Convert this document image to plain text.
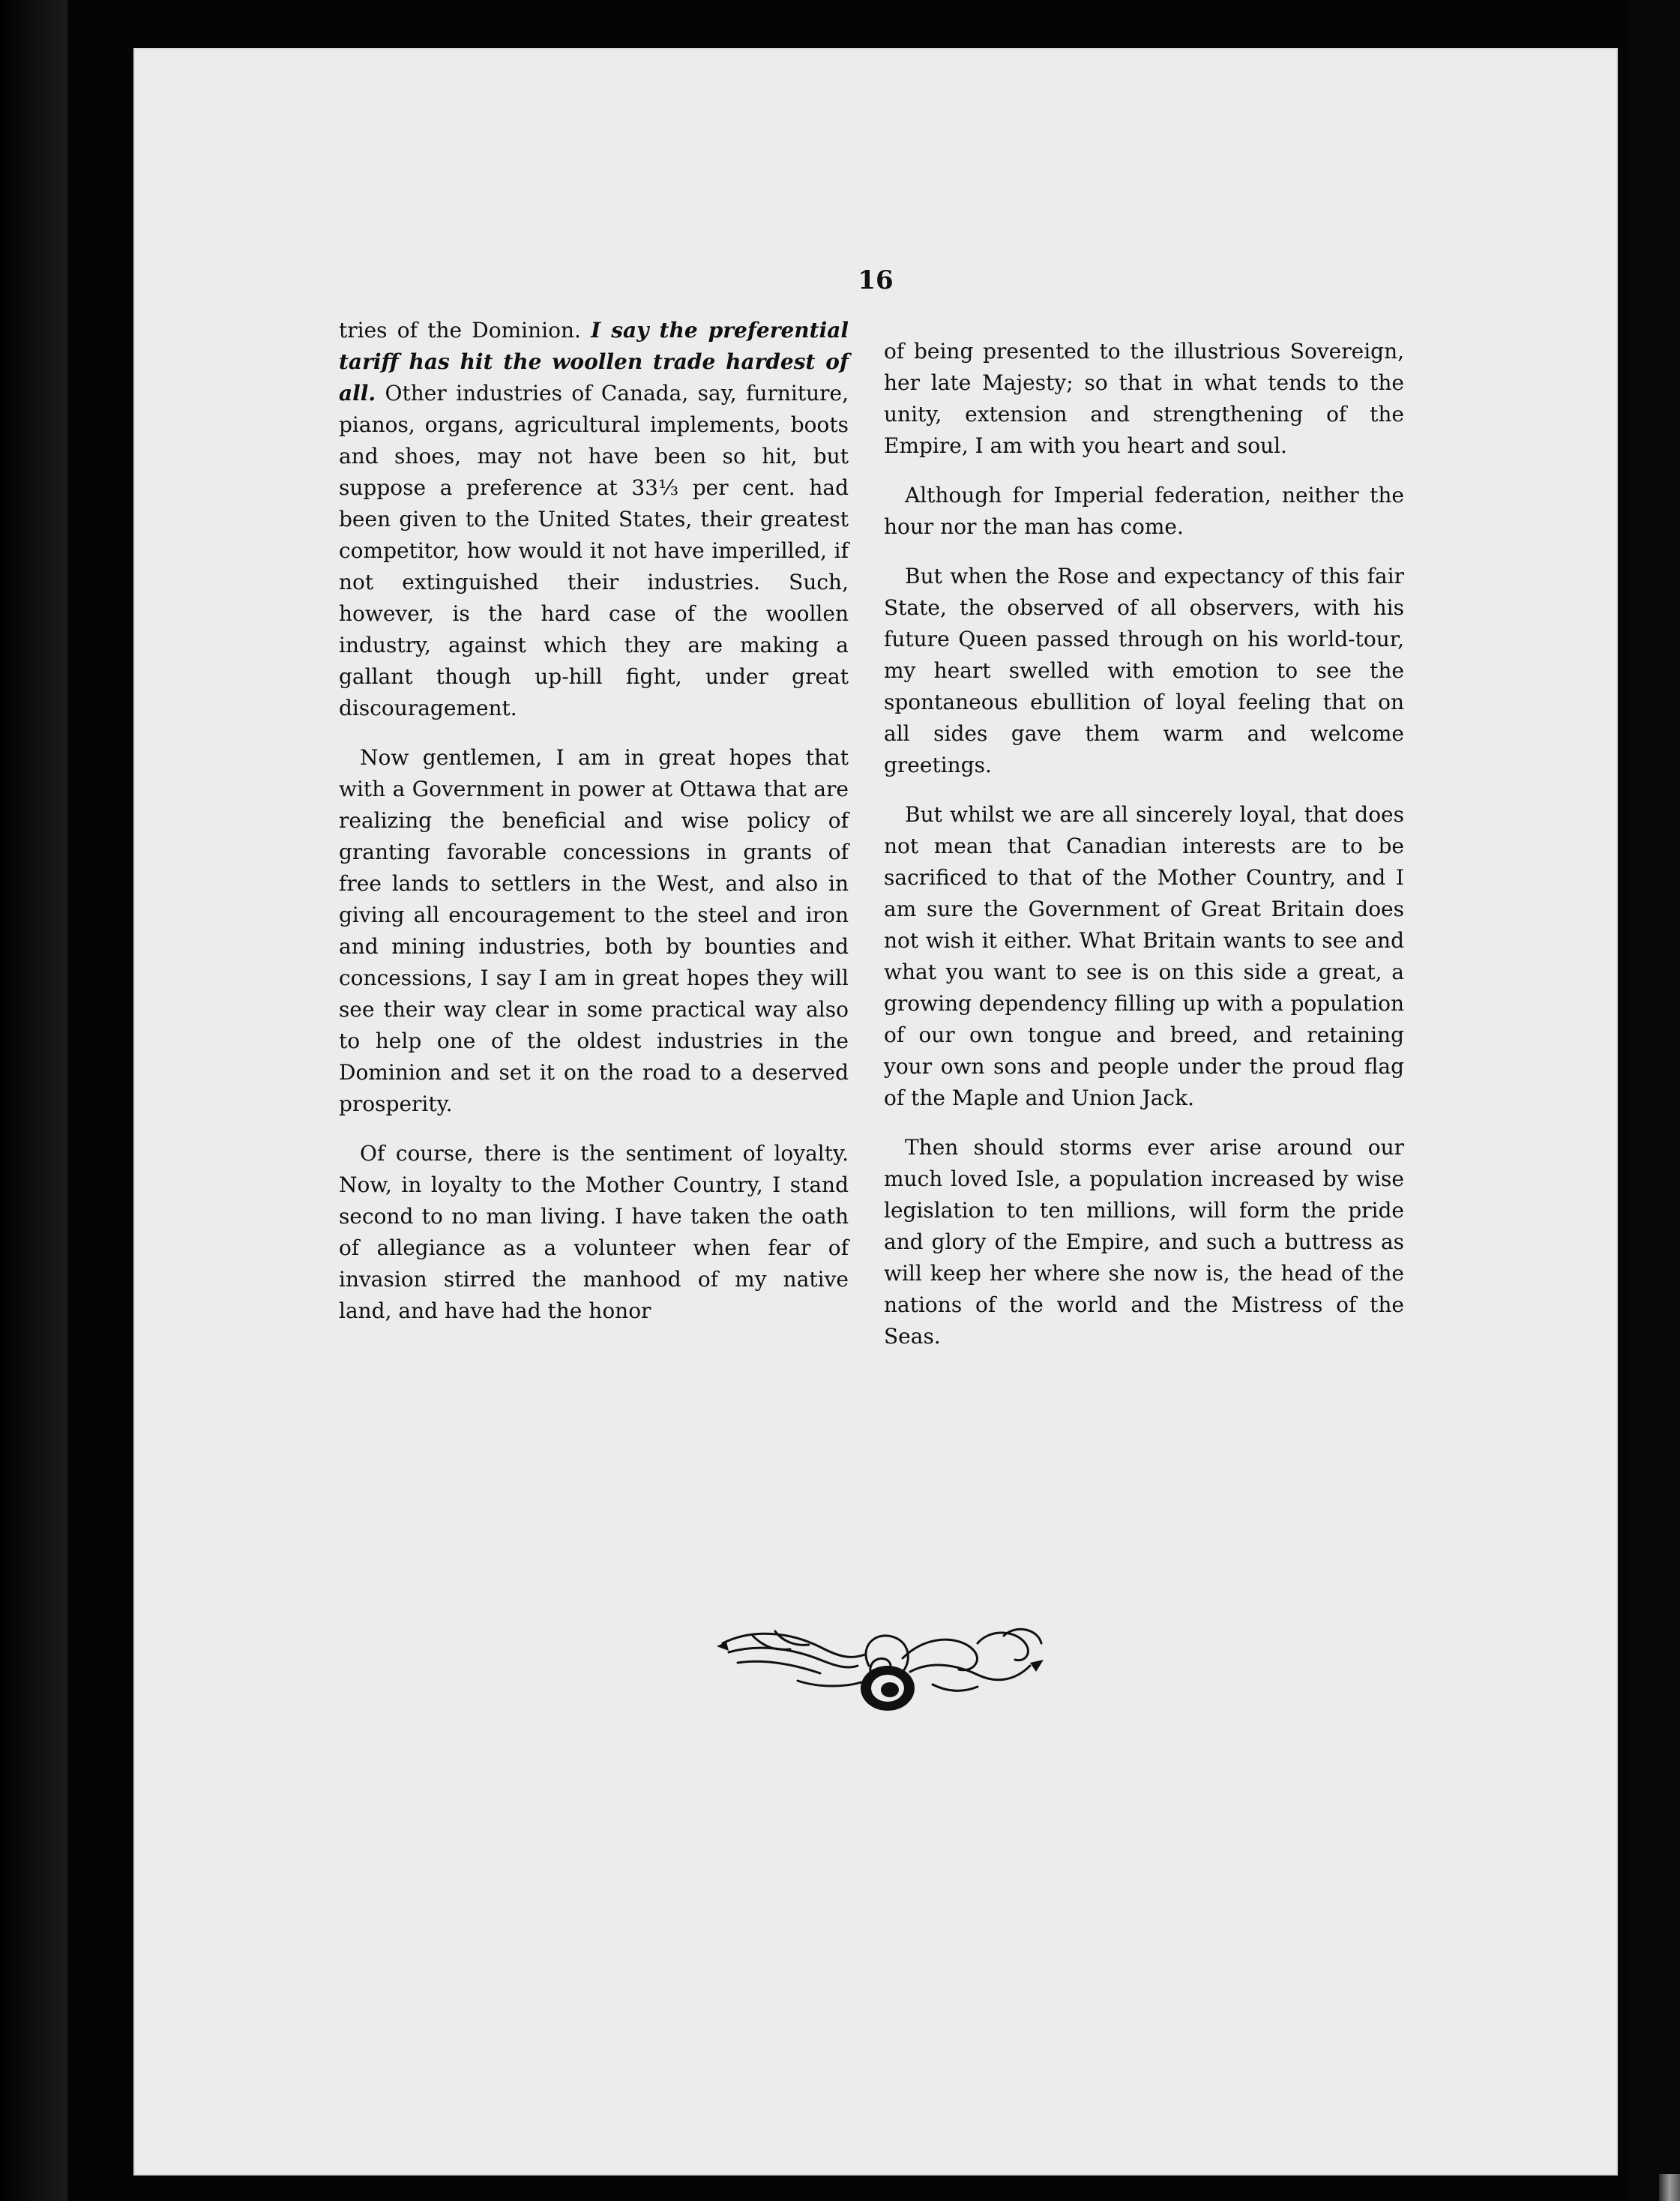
16

tries of the Dominion. I say the preferential tariff has hit the woollen trade hardest of all. Other industries of Canada, say, furniture, pianos, organs, agricultural implements, boots and shoes, may not have been so hit, but suppose a preference at 33⅓ per cent. had been given to the United States, their greatest competitor, how would it not have imperilled, if not extinguished their industries. Such, however, is the hard case of the woollen industry, against which they are making a gallant though up-hill fight, under great discouragement.

Now gentlemen, I am in great hopes that with a Government in power at Ottawa that are realizing the beneficial and wise policy of granting favorable concessions in grants of free lands to settlers in the West, and also in giving all encouragement to the steel and iron and mining industries, both by bounties and concessions, I say I am in great hopes they will see their way clear in some practical way also to help one of the oldest industries in the Dominion and set it on the road to a deserved prosperity.

Of course, there is the sentiment of loyalty. Now, in loyalty to the Mother Country, I stand second to no man living. I have taken the oath of allegiance as a volunteer when fear of invasion stirred the manhood of my native land, and have had the honor

of being presented to the illustrious Sovereign, her late Majesty; so that in what tends to the unity, extension and strengthening of the Empire, I am with you heart and soul.

Although for Imperial federation, neither the hour nor the man has come.

But when the Rose and expectancy of this fair State, the observed of all observers, with his future Queen passed through on his world-tour, my heart swelled with emotion to see the spontaneous ebullition of loyal feeling that on all sides gave them warm and welcome greetings.

But whilst we are all sincerely loyal, that does not mean that Canadian interests are to be sacrificed to that of the Mother Country, and I am sure the Government of Great Britain does not wish it either. What Britain wants to see and what you want to see is on this side a great, a growing dependency filling up with a population of our own tongue and breed, and retaining your own sons and people under the proud flag of the Maple and Union Jack.

Then should storms ever arise around our much loved Isle, a population increased by wise legislation to ten millions, will form the pride and glory of the Empire, and such a buttress as will keep her where she now is, the head of the nations of the world and the Mistress of the Seas.
